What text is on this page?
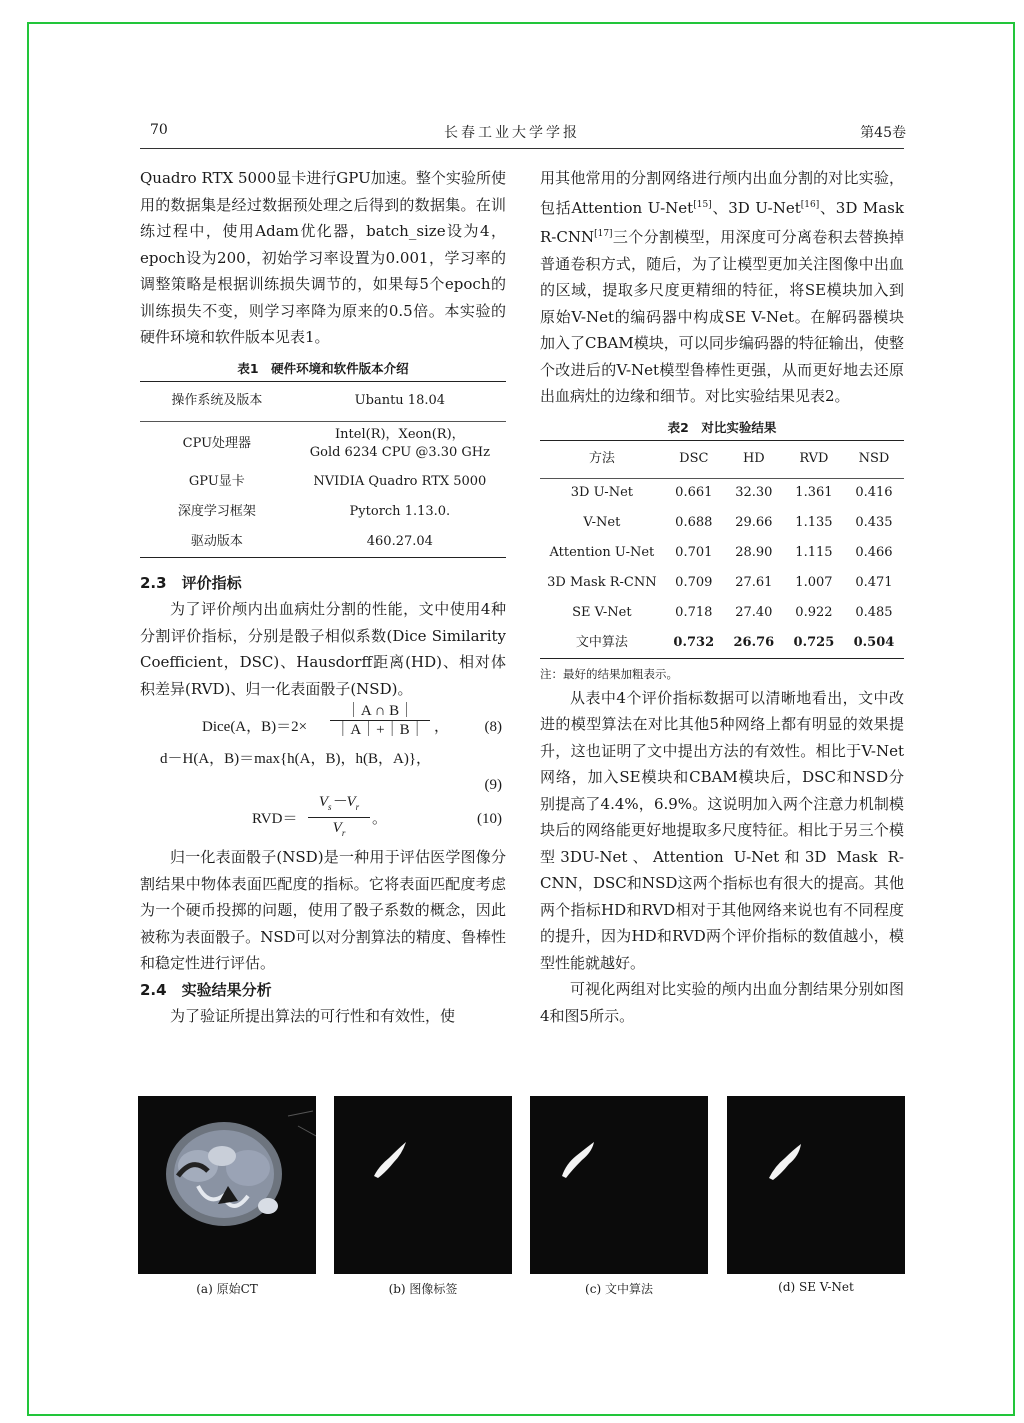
70	长春工业大学学报	第45卷

Quadro RTX 5000显卡进行GPU加速。整个实验所使用的数据集是经过数据预处理之后得到的数据集。在训练过程中，使用Adam优化器，batch_size设为4，epoch设为200，初始学习率设置为0.001，学习率的调整策略是根据训练损失调节的，如果每5个epoch的训练损失不变，则学习率降为原来的0.5倍。本实验的硬件环境和软件版本见表1。

表1　硬件环境和软件版本介绍
操作系统及版本	Ubantu 18.04
CPU处理器	Intel(R)，Xeon(R)，
Gold 6234 CPU @3.30 GHz

GPU显卡	NVIDIA Quadro RTX 5000
深度学习框架	Pytorch 1.13.0.
驱动版本	460.27.04
2.3　评价指标

为了评价颅内出血病灶分割的性能，文中使用4种分割评价指标，分别是骰子相似系数(Dice Similarity Coefficient，DSC)、Hausdorff距离(HD)、相对体积差异(RVD)、归一化表面骰子(NSD)。

Dice(A，$B)=2\times \frac{|A \cap B|}{|A|+|B|}$ ， (8)
d－H(A，B)＝max{h(A，B)，h(B，A)}，
(9)
$RVD= \frac{V_s-V_r}{V_r}$ 。	(10)

归一化表面骰子(NSD)是一种用于评估医学图像分割结果中物体表面匹配度的指标。它将表面匹配度考虑为一个硬币投掷的问题，使用了骰子系数的概念，因此被称为表面骰子。NSD可以对分割算法的精度、鲁棒性和稳定性进行评估。

2.4　实验结果分析

为了验证所提出算法的可行性和有效性，使

用其他常用的分割网络进行颅内出血分割的对比实验，包括Attention U-Net[15]、3D U-Net[16]、3D Mask R-CNN[17]三个分割模型，用深度可分离卷积去替换掉普通卷积方式，随后，为了让模型更加关注图像中出血的区域，提取多尺度更精细的特征，将SE模块加入到原始V-Net的编码器中构成SE V-Net。在解码器模块加入了CBAM模块，可以同步编码器的特征输出，使整个改进后的V-Net模型鲁棒性更强，从而更好地去还原出血病灶的边缘和细节。对比实验结果见表2。

表2　对比实验结果
方法	DSC	HD	RVD	NSD
3D U-Net	0.661	32.30	1.361	0.416
V-Net	0.688	29.66	1.135	0.435
Attention U-Net	0.701	28.90	1.115	0.466
3D Mask R-CNN	0.709	27.61	1.007	0.471
SE V-Net	0.718	27.40	0.922	0.485
文中算法	0.732	26.76	0.725	0.504
注：最好的结果加粗表示。

从表中4个评价指标数据可以清晰地看出，文中改进的模型算法在对比其他5种网络上都有明显的效果提升，这也证明了文中提出方法的有效性。相比于V-Net网络，加入SE模块和CBAM模块后，DSC和NSD分别提高了4.4%，6.9%。这说明加入两个注意力机制模块后的网络能更好地提取多尺度特征。相比于另三个模型3DU-Net、Attention U-Net和3D Mask R-CNN，DSC和NSD这两个指标也有很大的提高。其他两个指标HD和RVD相对于其他网络来说也有不同程度的提升，因为HD和RVD两个评价指标的数值越小，模型性能就越好。

可视化两组对比实验的颅内出血分割结果分别如图4和图5所示。

(a) 原始CT	(b) 图像标签	(c) 文中算法	(d) SE V-Net
